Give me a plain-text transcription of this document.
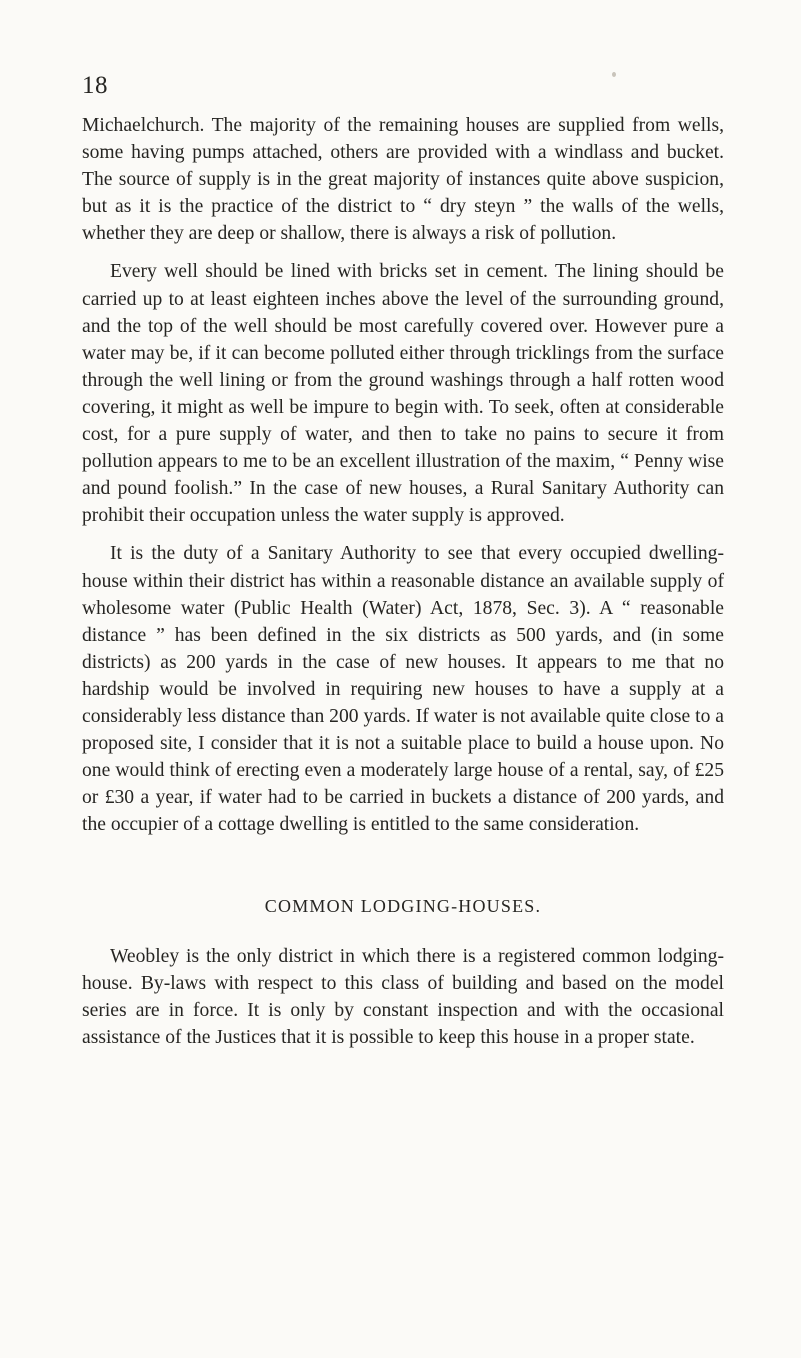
18

Michaelchurch. The majority of the remaining houses are supplied from wells, some having pumps attached, others are provided with a windlass and bucket. The source of supply is in the great majority of instances quite above suspicion, but as it is the practice of the district to “ dry steyn ” the walls of the wells, whether they are deep or shallow, there is always a risk of pollution.

Every well should be lined with bricks set in cement. The lining should be carried up to at least eighteen inches above the level of the surrounding ground, and the top of the well should be most carefully covered over. However pure a water may be, if it can become polluted either through tricklings from the surface through the well lining or from the ground washings through a half rotten wood covering, it might as well be impure to begin with. To seek, often at considerable cost, for a pure supply of water, and then to take no pains to secure it from pollution appears to me to be an excellent illustration of the maxim, “ Penny wise and pound foolish.” In the case of new houses, a Rural Sanitary Authority can prohibit their occupation unless the water supply is approved.

It is the duty of a Sanitary Authority to see that every occupied dwelling-house within their district has within a reasonable distance an available supply of wholesome water (Public Health (Water) Act, 1878, Sec. 3). A “ reasonable distance ” has been defined in the six districts as 500 yards, and (in some districts) as 200 yards in the case of new houses. It appears to me that no hardship would be involved in requiring new houses to have a supply at a considerably less distance than 200 yards. If water is not available quite close to a proposed site, I consider that it is not a suitable place to build a house upon. No one would think of erecting even a moderately large house of a rental, say, of £25 or £30 a year, if water had to be carried in buckets a distance of 200 yards, and the occupier of a cottage dwelling is entitled to the same consideration.

COMMON LODGING-HOUSES.

Weobley is the only district in which there is a registered common lodging-house. By-laws with respect to this class of building and based on the model series are in force. It is only by constant inspection and with the occasional assistance of the Justices that it is possible to keep this house in a proper state.
